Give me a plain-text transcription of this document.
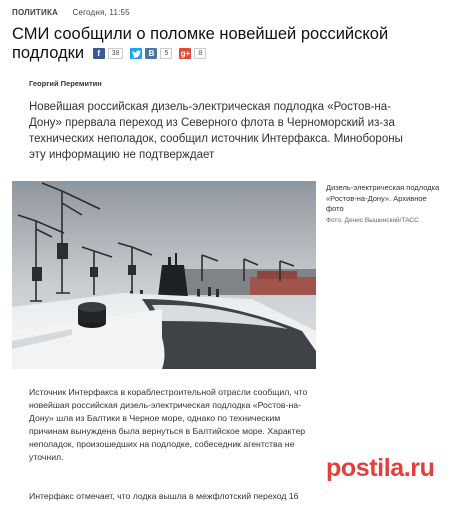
ПОЛИТИКА Сегодня, 11:55
СМИ сообщили о поломке новейшей российской подлодки	f	38	B	5	g+	8
Георгий Перемитин

Новейшая российская дизель-электрическая подлодка «Ростов-на-Дону» прервала переход из Северного флота в Черноморский из-за технических неполадок, сообщил источник Интерфакса. Минобороны эту информацию не подтверждает

Дизель-электрическая подлодка «Ростов-на-Дону». Архивное фото
Фото: Денис Вышинский/ТАСС

Источник Интерфакса в кораблестроительной отрасли сообщил, что новейшая российская дизель-электрическая подлодка «Ростов-на-Дону» шла из Балтики в Черное море, однако по техническим причинам вынуждена была вернуться в Балтийское море. Характер неполадок, произошедших на подлодке, собеседник агентства не уточнил.

Интерфакс отмечает, что лодка вышла в межфлотский переход 16

postila.ru
